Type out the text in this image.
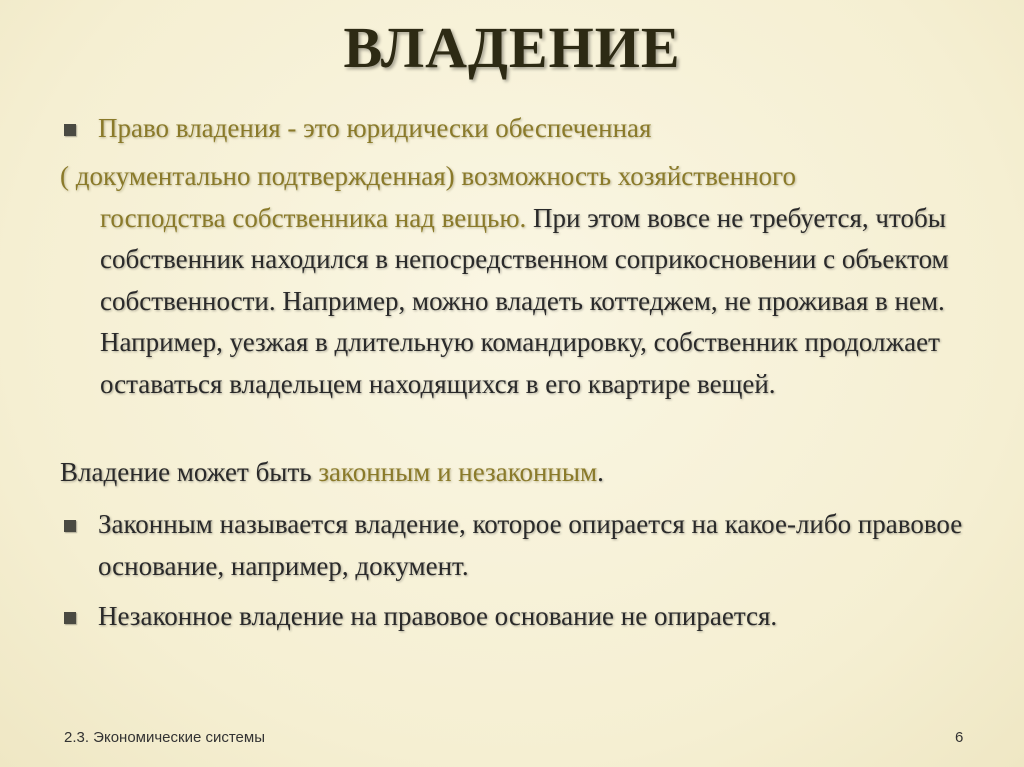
ВЛАДЕНИЕ
Право владения - это юридически обеспеченная
( документально подтвержденная) возможность хозяйственного
господства собственника над вещью. При этом вовсе не требуется, чтобы собственник находился в непосредственном соприкосновении с объектом собственности. Например, можно владеть коттеджем, не проживая в нем. Например, уезжая в длительную командировку, собственник продолжает оставаться владельцем находящихся в его квартире вещей.
Владение может быть законным и незаконным.
Законным называется владение, которое опирается на какое-либо правовое основание, например, документ.
Незаконное владение на правовое основание не опирается.
2.3. Экономические системы	6
